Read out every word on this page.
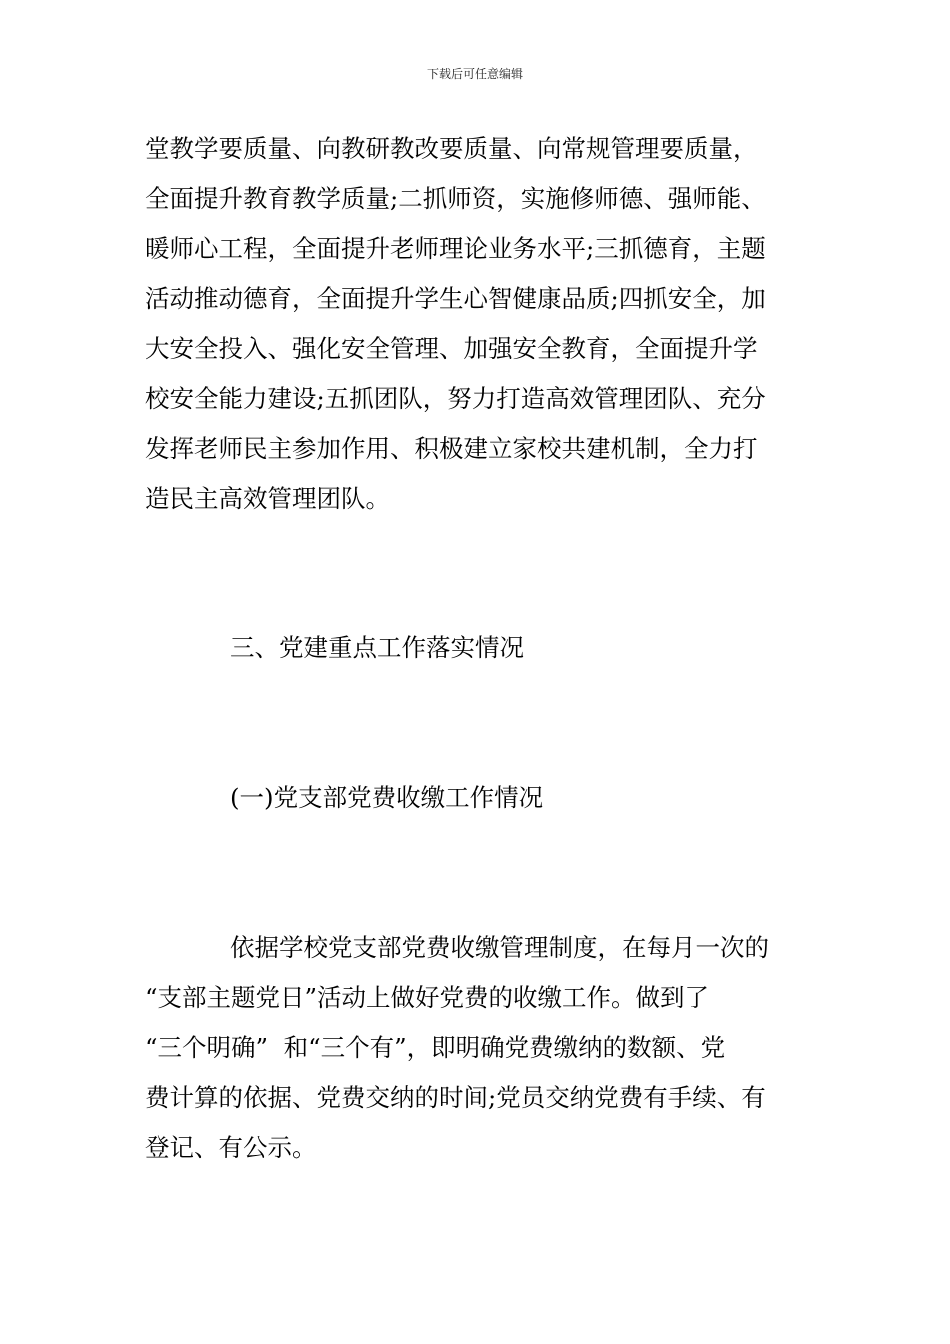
下载后可任意编辑
堂教学要质量、向教研教改要质量、向常规管理要质量，
全面提升教育教学质量;二抓师资，实施修师德、强师能、
暖师心工程，全面提升老师理论业务水平;三抓德育，主题
活动推动德育，全面提升学生心智健康品质;四抓安全，加
大安全投入、强化安全管理、加强安全教育，全面提升学
校安全能力建设;五抓团队，努力打造高效管理团队、充分
发挥老师民主参加作用、积极建立家校共建机制，全力打
造民主高效管理团队。
三、党建重点工作落实情况
(一)党支部党费收缴工作情况
依据学校党支部党费收缴管理制度，在每月一次的
“支部主题党日”活动上做好党费的收缴工作。做到了
“三个明确”  和“三个有”，即明确党费缴纳的数额、党
费计算的依据、党费交纳的时间;党员交纳党费有手续、有
登记、有公示。
